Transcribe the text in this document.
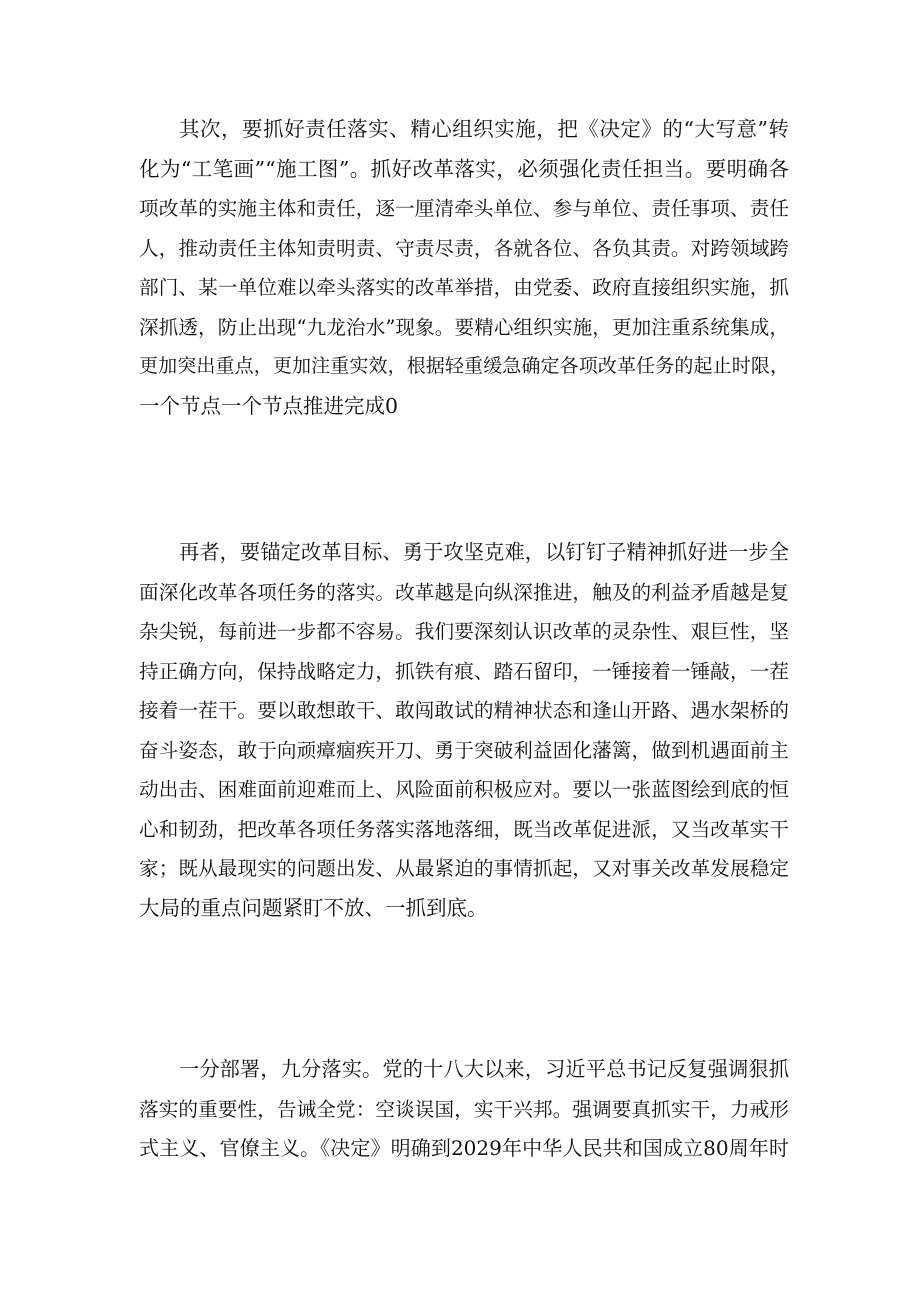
其次，要抓好责任落实、精心组织实施，把《决定》的“大写意”转
化为“工笔画”“施工图”。抓好改革落实，必须强化责任担当。要明确各
项改革的实施主体和责任，逐一厘清牵头单位、参与单位、责任事项、责任
人，推动责任主体知责明责、守责尽责，各就各位、各负其责。对跨领域跨
部门、某一单位难以牵头落实的改革举措，由党委、政府直接组织实施，抓
深抓透，防止出现“九龙治水”现象。要精心组织实施，更加注重系统集成，
更加突出重点，更加注重实效，根据轻重缓急确定各项改革任务的起止时限，
一个节点一个节点推进完成0
再者，要锚定改革目标、勇于攻坚克难，以钉钉子精神抓好进一步全
面深化改革各项任务的落实。改革越是向纵深推进，触及的利益矛盾越是复
杂尖锐，每前进一步都不容易。我们要深刻认识改革的灵杂性、艰巨性，坚
持正确方向，保持战略定力，抓铁有痕、踏石留印，一锤接着一锤敲，一茬
接着一茬干。要以敢想敢干、敢闯敢试的精神状态和逢山开路、遇水架桥的
奋斗姿态，敢于向顽瘴痼疾开刀、勇于突破利益固化藩篱，做到机遇面前主
动出击、困难面前迎难而上、风险面前积极应对。要以一张蓝图绘到底的恒
心和韧劲，把改革各项任务落实落地落细，既当改革促进派，又当改革实干
家；既从最现实的问题出发、从最紧迫的事情抓起，又对事关改革发展稳定
大局的重点问题紧盯不放、一抓到底。
一分部署，九分落实。党的十八大以来，习近平总书记反复强调狠抓
落实的重要性，告诫全党：空谈误国，实干兴邦。强调要真抓实干，力戒形
式主义、官僚主义。《决定》明确到2029年中华人民共和国成立80周年时
